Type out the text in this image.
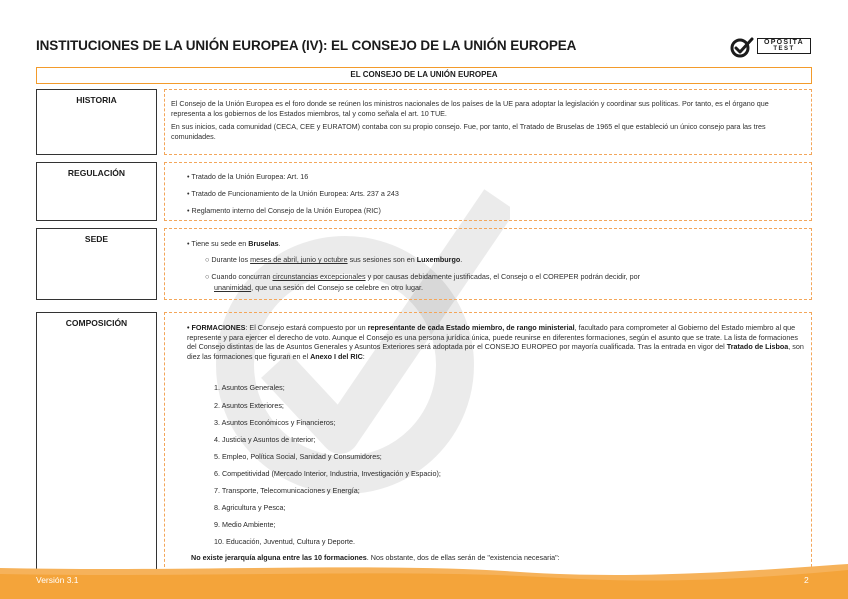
INSTITUCIONES DE LA UNIÓN EUROPEA (IV): EL CONSEJO DE LA UNIÓN EUROPEA	OPOSITA
TEST
EL CONSEJO DE LA UNIÓN EUROPEA
HISTORIA	El Consejo de la Unión Europea es el foro donde se reúnen los ministros nacionales de los países de la UE para adoptar la legislación y coordinar sus políticas. Por tanto, es el órgano que representa a los gobiernos de los Estados miembros, tal y como señala el art. 10 TUE.

En sus inicios, cada comunidad (CECA, CEE y EURATOM) contaba con su propio consejo. Fue, por tanto, el Tratado de Bruselas de 1965 el que estableció un único consejo para las tres comunidades.

REGULACIÓN	• Tratado de la Unión Europea: Art. 16
• Tratado de Funcionamiento de la Unión Europea: Arts. 237 a 243
• Reglamento interno del Consejo de la Unión Europea (RIC)
SEDE	• Tiene su sede en Bruselas.
○ Durante los meses de abril, junio y octubre sus sesiones son en Luxemburgo.
○ Cuando concurran circunstancias excepcionales y por causas debidamente justificadas, el Consejo o el COREPER podrán decidir, por
unanimidad, que una sesión del Consejo se celebre en otro lugar.
COMPOSICIÓN	• FORMACIONES: El Consejo estará compuesto por un representante de cada Estado miembro, de rango ministerial, facultado para comprometer al Gobierno del Estado miembro al que represente y para ejercer el derecho de voto. Aunque el Consejo es una persona jurídica única, puede reunirse en diferentes formaciones, según el asunto que se trate. La lista de formaciones del Consejo distintas de las de Asuntos Generales y Asuntos Exteriores será adoptada por el CONSEJO EUROPEO por mayoría cualificada. Tras la entrada en vigor del Tratado de Lisboa, son diez las formaciones que figuran en el Anexo I del RIC:
1. Asuntos Generales;
2. Asuntos Exteriores;
3. Asuntos Económicos y Financieros;
4. Justicia y Asuntos de Interior;
5. Empleo, Política Social, Sanidad y Consumidores;
6. Competitividad (Mercado Interior, Industria, Investigación y Espacio);
7. Transporte, Telecomunicaciones y Energía;
8. Agricultura y Pesca;
9. Medio Ambiente;
10. Educación, Juventud, Cultura y Deporte.
No existe jerarquía alguna entre las 10 formaciones. Nos obstante, dos de ellas serán de "existencia necesaria":
Versión 3.1	2
